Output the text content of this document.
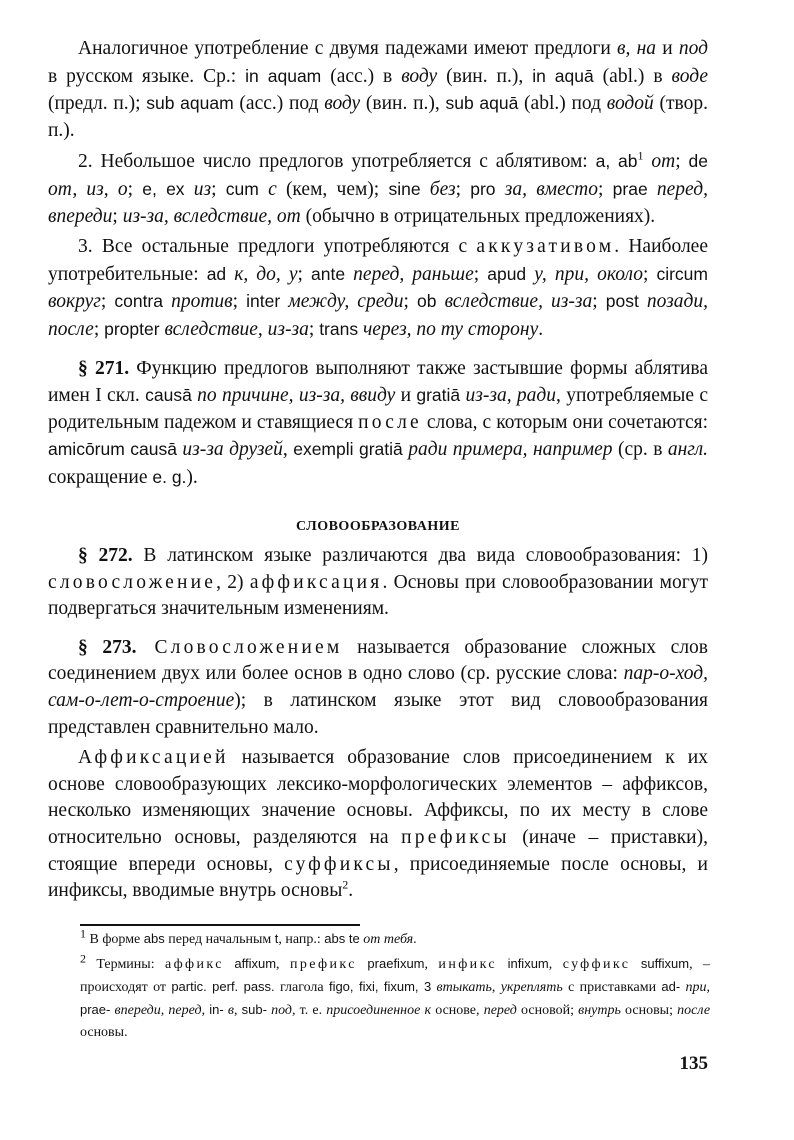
Аналогичное употребление с двумя падежами имеют предлоги в, на и под в русском языке. Ср.: in aquam (acc.) в воду (вин. п.), in aquā (abl.) в воде (предл. п.); sub aquam (acc.) под воду (вин. п.), sub aquā (abl.) под водой (твор. п.).

2. Небольшое число предлогов употребляется с аблятивом: a, $ab^1$ от; de от, из, о; e, ex из; cum с (кем, чем); sine без; pro за, вместо; prae перед, впереди; из-за, вследствие, от (обычно в отрицательных предложениях).

3. Все остальные предлоги употребляются с аккузативом. Наиболее употребительные: ad к, до, у; ante перед, раньше; apud у, при, около; circum вокруг; contra против; inter между, среди; ob вследствие, из-за; post позади, после; propter вследствие, из-за; trans через, по ту сторону.

§ 271. Функцию предлогов выполняют также застывшие формы аблятива имен I скл. causā по причине, из-за, ввиду и gratiā из-за, ради, употребляемые с родительным падежом и ставящиеся после слова, с которым они сочетаются: amicōrum causā из-за друзей, exempli gratiā ради примера, например (ср. в англ. сокращение e. g.).

СЛОВООБРАЗОВАНИЕ

§ 272. В латинском языке различаются два вида словообразования: 1) словосложение, 2) аффиксация. Основы при словообразовании могут подвергаться значительным изменениям.

§ 273. Словосложением называется образование сложных слов соединением двух или более основ в одно слово (ср. русские слова: пар-о-ход, сам-о-лет-о-строение); в латинском языке этот вид словообразования представлен сравнительно мало.

Аффиксацией называется образование слов присоединением к их основе словообразующих лексико-морфологических элементов – аффиксов, несколько изменяющих значение основы. Аффиксы, по их месту в слове относительно основы, разделяются на префиксы (иначе – приставки), стоящие впереди основы, суффиксы, присоединяемые после основы, и инфиксы, вводимые внутрь основы$^2$.

$^1$ В форме abs перед начальным t, напр.: abs te от тебя.

$^2$ Термины: аффикс affixum, префикс praefixum, инфикс infixum, суффикс suffixum, – происходят от partic. perf. pass. глагола figo, fixi, fixum, 3 втыкать, укреплять с приставками ad- при, prae- впереди, перед, in- в, sub- под, т. е. присоединенное к основе, перед основой; внутрь основы; после основы.

135
